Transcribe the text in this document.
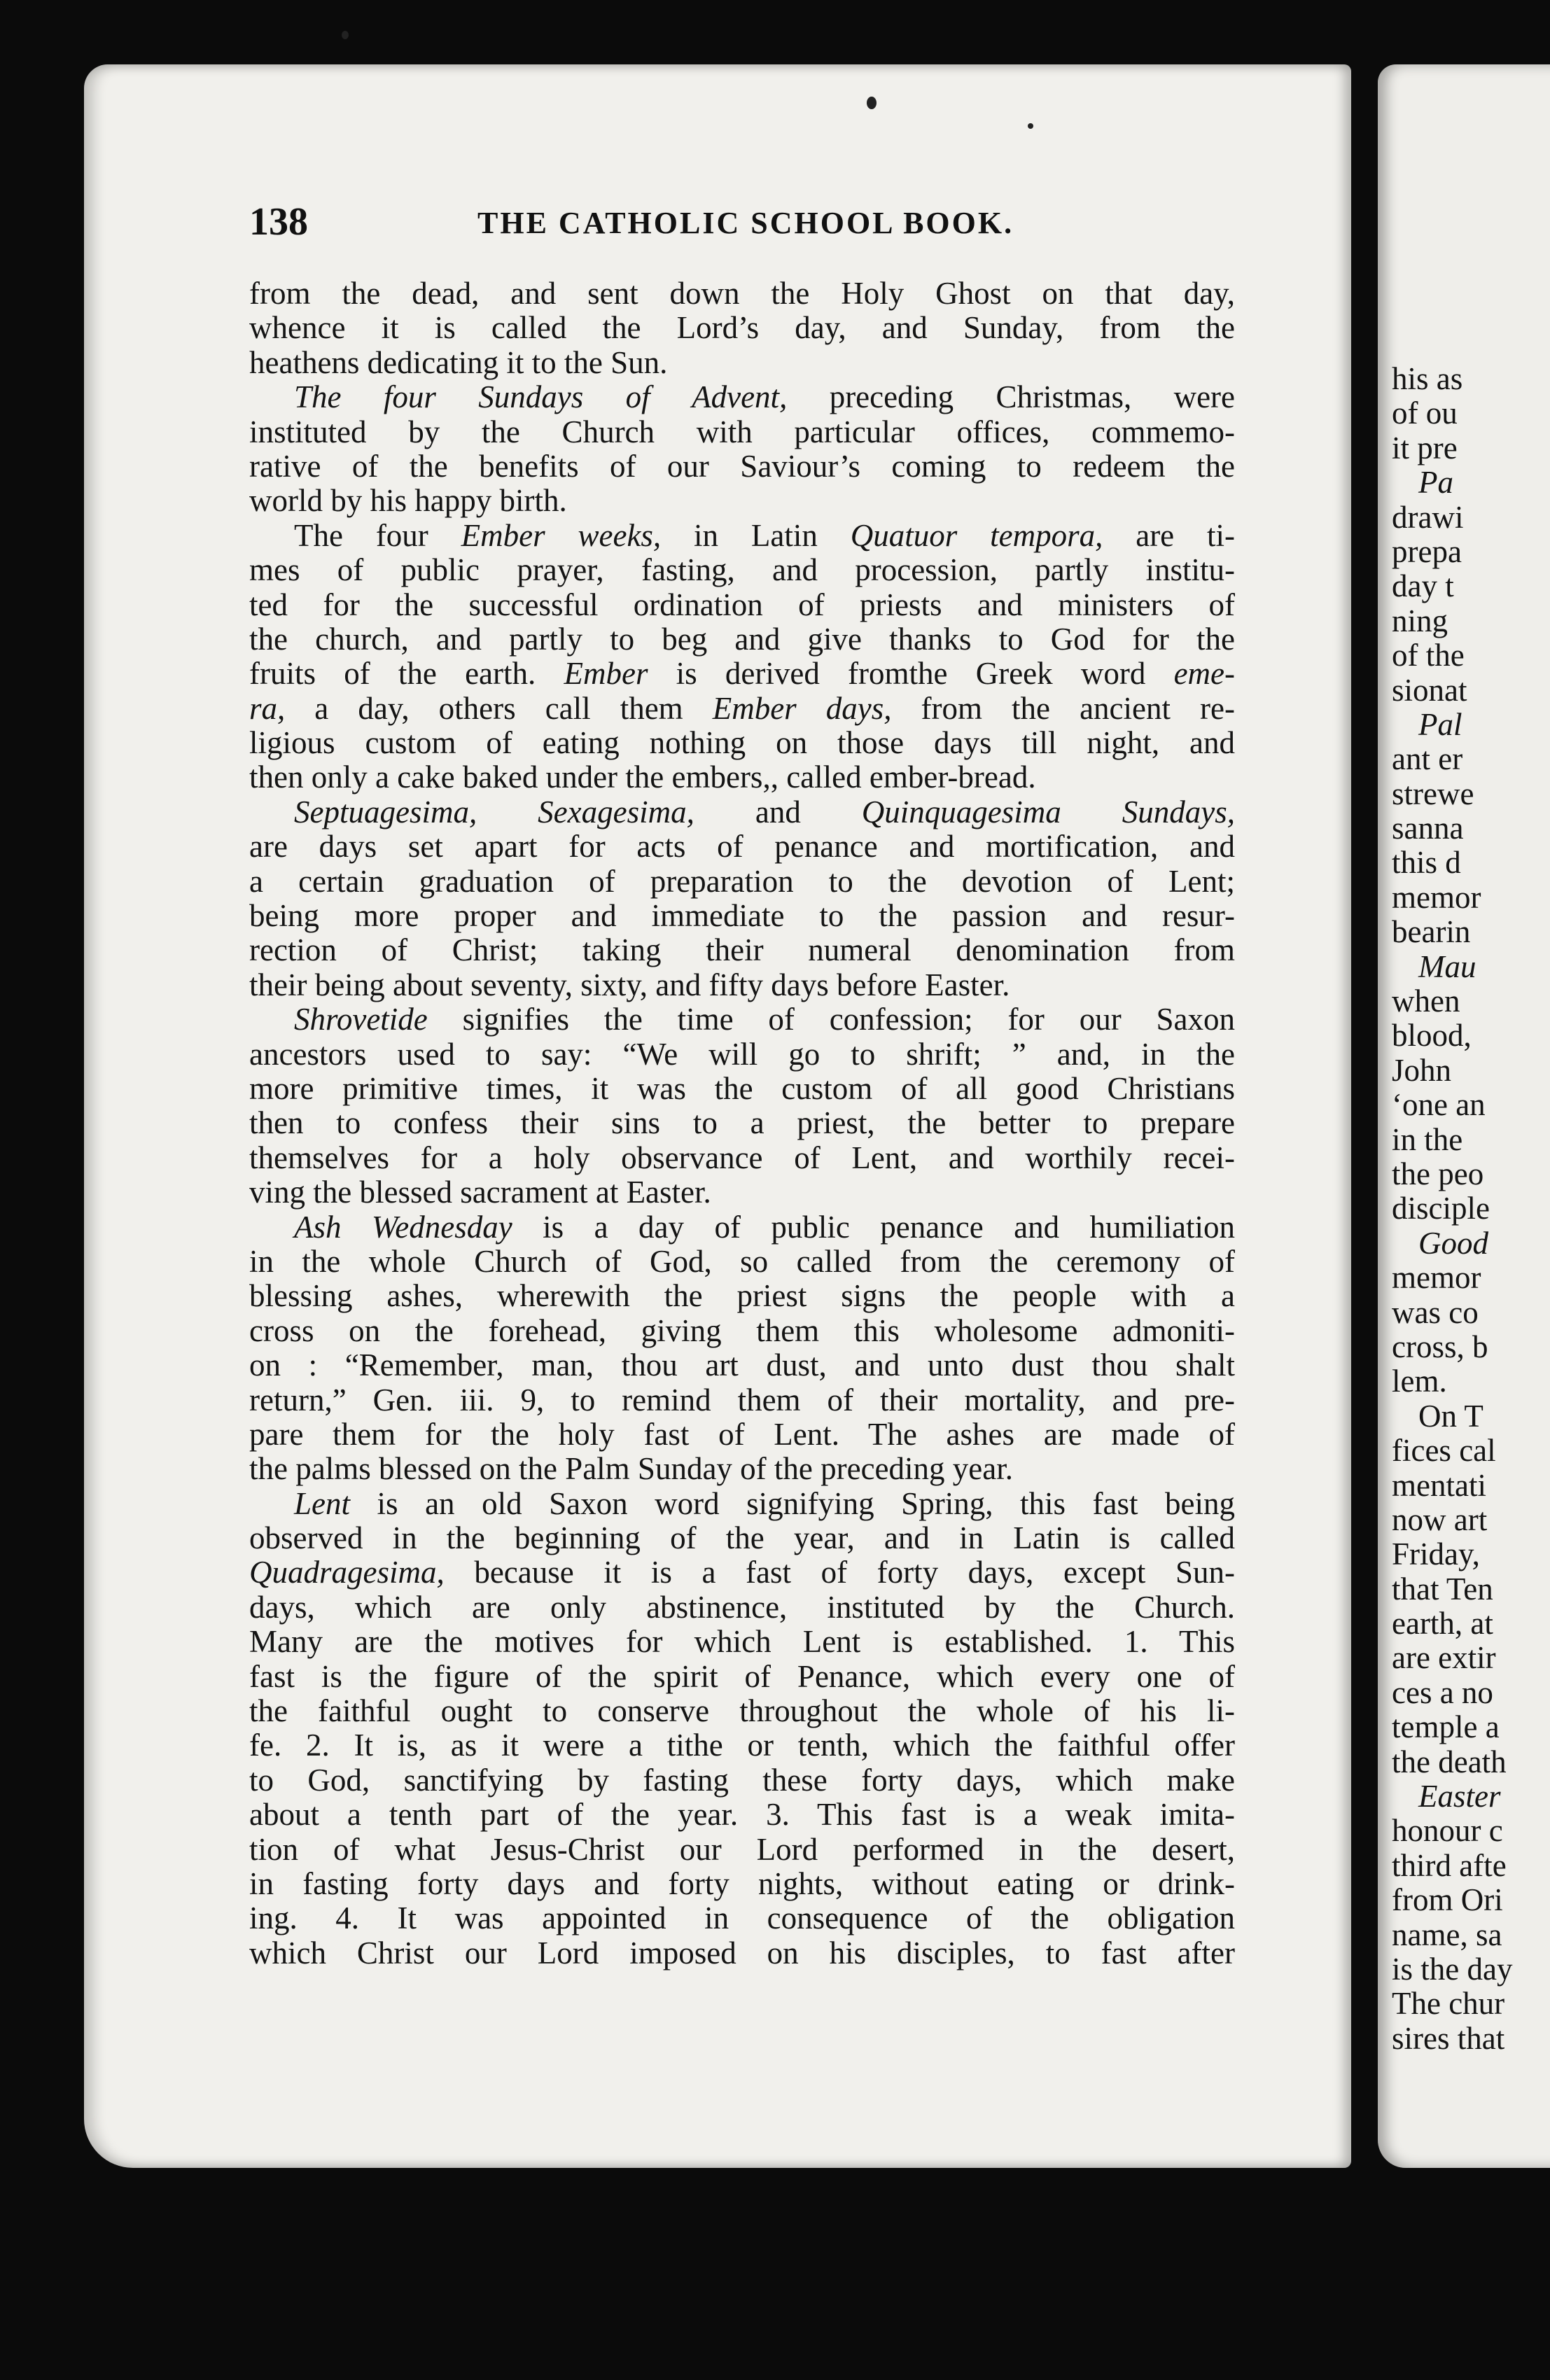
his as
of ou
it pre
Pa
drawi
prepa
day t
ning
of the
sionat
Pal
ant er
strewe
sanna
this d
memor
bearin
Mau
when
blood,
John
‘one an
in the
the peo
disciple
Good
memor
was co
cross, b
lem.
On T
fices cal
mentati
now art
Friday,
that Ten
earth, at
are extir
ces a no
temple a
the death
Easter
honour c
third afte
from Ori
name, sa
is the day
The chur
sires that
138	THE CATHOLIC SCHOOL BOOK.
from the dead, and sent down the Holy Ghost on that day,
whence it is called the Lord’s day, and Sunday, from the
heathens dedicating it to the Sun.
The four Sundays of Advent, preceding Christmas, were
instituted by the Church with particular offices, commemo-
rative of the benefits of our Saviour’s coming to redeem the
world by his happy birth.
The four Ember weeks, in Latin Quatuor tempora, are ti-
mes of public prayer, fasting, and procession, partly institu-
ted for the successful ordination of priests and ministers of
the church, and partly to beg and give thanks to God for the
fruits of the earth. Ember is derived fromthe Greek word eme-
ra, a day, others call them Ember days, from the ancient re-
ligious custom of eating nothing on those days till night, and
then only a cake baked under the embers,, called ember-bread.
Septuagesima, Sexagesima, and Quinquagesima Sundays,
are days set apart for acts of penance and mortification, and
a certain graduation of preparation to the devotion of Lent;
being more proper and immediate to the passion and resur-
rection of Christ; taking their numeral denomination from
their being about seventy, sixty, and fifty days before Easter.
Shrovetide signifies the time of confession; for our Saxon
ancestors used to say: “We will go to shrift; ” and, in the
more primitive times, it was the custom of all good Christians
then to confess their sins to a priest, the better to prepare
themselves for a holy observance of Lent, and worthily recei-
ving the blessed sacrament at Easter.
Ash Wednesday is a day of public penance and humiliation
in the whole Church of God, so called from the ceremony of
blessing ashes, wherewith the priest signs the people with a
cross on the forehead, giving them this wholesome admoniti-
on : “Remember, man, thou art dust, and unto dust thou shalt
return,” Gen. iii. 9, to remind them of their mortality, and pre-
pare them for the holy fast of Lent. The ashes are made of
the palms blessed on the Palm Sunday of the preceding year.
Lent is an old Saxon word signifying Spring, this fast being
observed in the beginning of the year, and in Latin is called
Quadragesima, because it is a fast of forty days, except Sun-
days, which are only abstinence, instituted by the Church.
Many are the motives for which Lent is established. 1. This
fast is the figure of the spirit of Penance, which every one of
the faithful ought to conserve throughout the whole of his li-
fe. 2. It is, as it were a tithe or tenth, which the faithful offer
to God, sanctifying by fasting these forty days, which make
about a tenth part of the year. 3. This fast is a weak imita-
tion of what Jesus-Christ our Lord performed in the desert,
in fasting forty days and forty nights, without eating or drink-
ing. 4. It was appointed in consequence of the obligation
which Christ our Lord imposed on his disciples, to fast after
